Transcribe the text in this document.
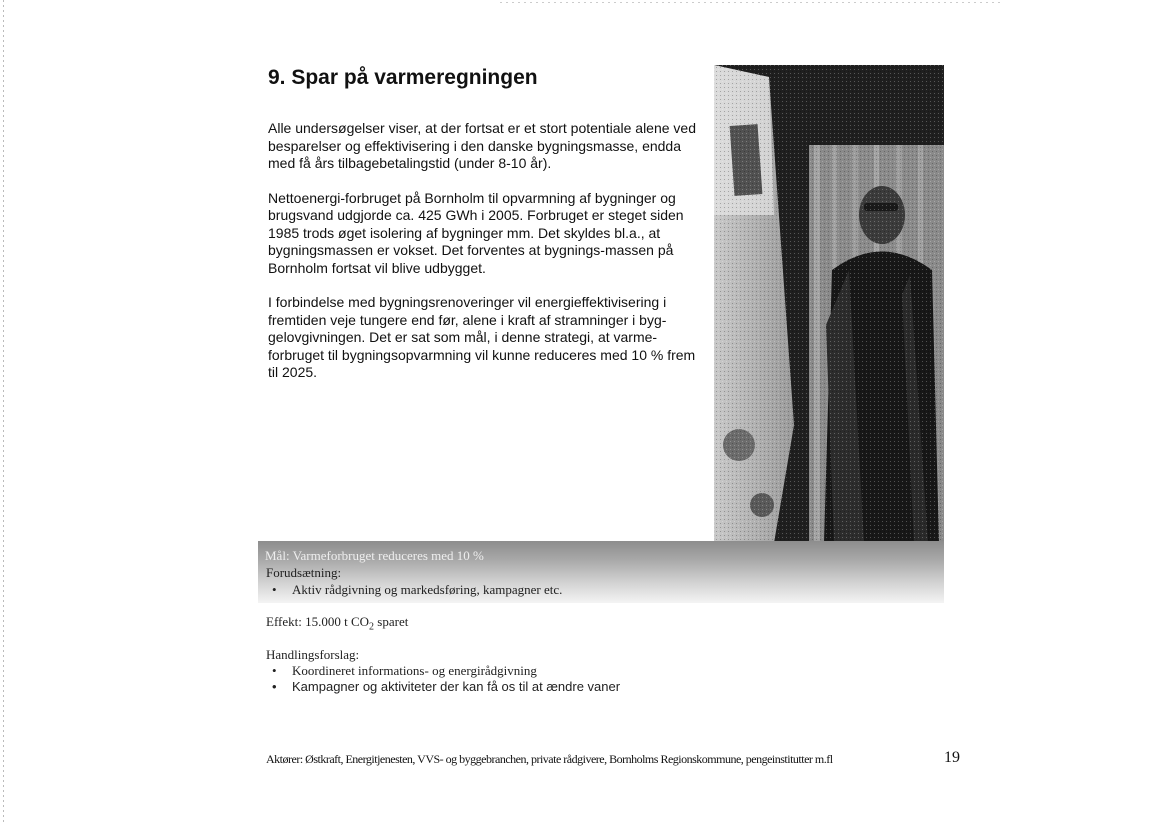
9. Spar på varmeregningen

Alle undersøgelser viser, at der fortsat er et stort potentiale alene ved besparelser og effektivisering i den danske bygningsmasse, endda med få års tilbagebetalingstid (under 8-10 år).

Nettoenergi-forbruget på Bornholm til opvarmning af bygninger og brugsvand udgjorde ca. 425 GWh i 2005. Forbruget er steget siden 1985 trods øget isolering af bygninger mm. Det skyldes bl.a., at bygningsmassen er vokset. Det forventes at bygnings-massen på Bornholm fortsat vil blive udbygget.

I forbindelse med bygningsrenoveringer vil energieffektivisering i fremtiden veje tungere end før, alene i kraft af stramninger i byg-gelovgivningen. Det er sat som mål, i denne strategi, at varme-forbruget til bygningsopvarmning vil kunne reduceres med 10 % frem til 2025.

Mål: Varmeforbruget reduceres med 10 %
Forudsætning:
• Aktiv rådgivning og markedsføring, kampagner etc.
Effekt: 15.000 t $CO_2$ sparet
Handlingsforslag:
• Koordineret informations- og energirådgivning
• Kampagner og aktiviteter der kan få os til at ændre vaner
Aktører: Østkraft, Energitjenesten, VVS- og byggebranchen, private rådgivere, Bornholms Regionskommune, pengeinstitutter m.fl	19
